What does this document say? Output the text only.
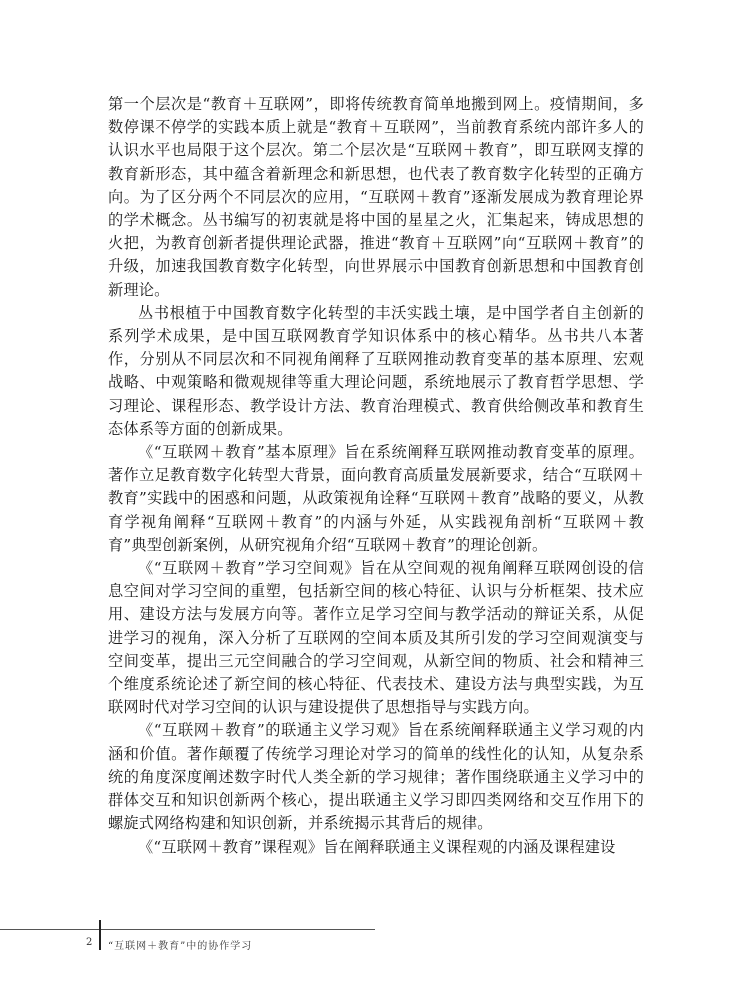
第一个层次是“教育＋互联网”，即将传统教育简单地搬到网上。疫情期间，多数停课不停学的实践本质上就是“教育＋互联网”，当前教育系统内部许多人的认识水平也局限于这个层次。第二个层次是“互联网＋教育”，即互联网支撑的教育新形态，其中蕴含着新理念和新思想，也代表了教育数字化转型的正确方向。为了区分两个不同层次的应用，“互联网＋教育”逐渐发展成为教育理论界的学术概念。丛书编写的初衷就是将中国的星星之火，汇集起来，铸成思想的火把，为教育创新者提供理论武器，推进“教育＋互联网”向“互联网＋教育”的升级，加速我国教育数字化转型，向世界展示中国教育创新思想和中国教育创新理论。

丛书根植于中国教育数字化转型的丰沃实践土壤，是中国学者自主创新的系列学术成果，是中国互联网教育学知识体系中的核心精华。丛书共八本著作，分别从不同层次和不同视角阐释了互联网推动教育变革的基本原理、宏观战略、中观策略和微观规律等重大理论问题，系统地展示了教育哲学思想、学习理论、课程形态、教学设计方法、教育治理模式、教育供给侧改革和教育生态体系等方面的创新成果。

《“互联网＋教育”基本原理》旨在系统阐释互联网推动教育变革的原理。著作立足教育数字化转型大背景，面向教育高质量发展新要求，结合“互联网＋教育”实践中的困惑和问题，从政策视角诠释“互联网＋教育”战略的要义，从教育学视角阐释“互联网＋教育”的内涵与外延，从实践视角剖析“互联网＋教育”典型创新案例，从研究视角介绍“互联网＋教育”的理论创新。

《“互联网＋教育”学习空间观》旨在从空间观的视角阐释互联网创设的信息空间对学习空间的重塑，包括新空间的核心特征、认识与分析框架、技术应用、建设方法与发展方向等。著作立足学习空间与教学活动的辩证关系，从促进学习的视角，深入分析了互联网的空间本质及其所引发的学习空间观演变与空间变革，提出三元空间融合的学习空间观，从新空间的物质、社会和精神三个维度系统论述了新空间的核心特征、代表技术、建设方法与典型实践，为互联网时代对学习空间的认识与建设提供了思想指导与实践方向。

《“互联网＋教育”的联通主义学习观》旨在系统阐释联通主义学习观的内涵和价值。著作颠覆了传统学习理论对学习的简单的线性化的认知，从复杂系统的角度深度阐述数字时代人类全新的学习规律；著作围绕联通主义学习中的群体交互和知识创新两个核心，提出联通主义学习即四类网络和交互作用下的螺旋式网络构建和知识创新，并系统揭示其背后的规律。

《“互联网＋教育”课程观》旨在阐释联通主义课程观的内涵及课程建设

2 “互联网＋教育”中的协作学习
